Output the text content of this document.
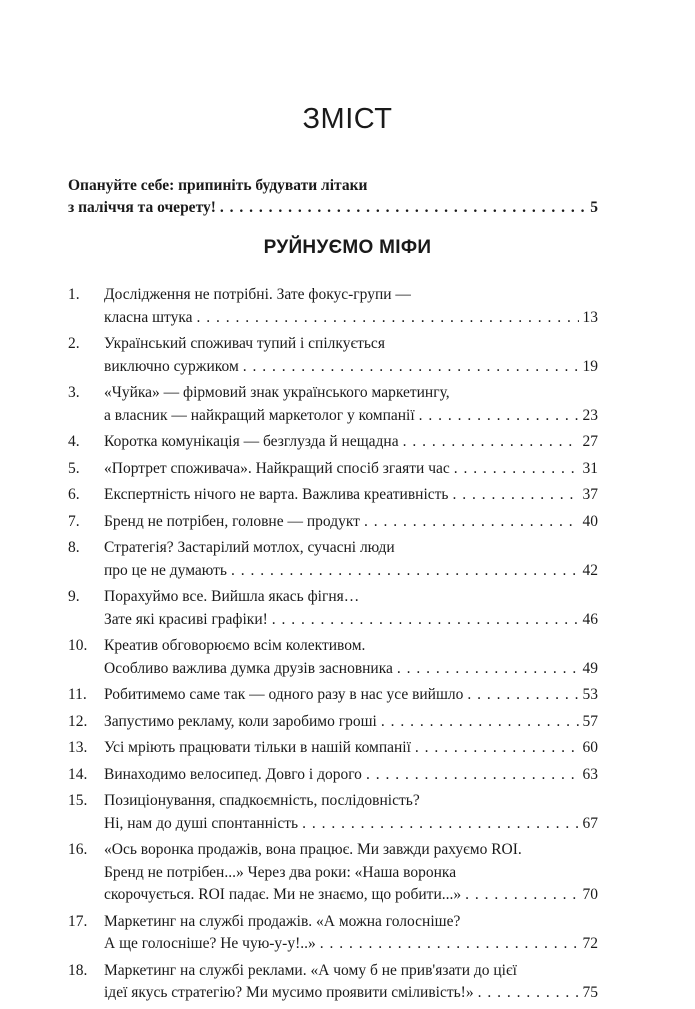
ЗМІСТ
Опануйте себе: припиніть будувати літаки
з паліччя та очерету! . . .	5
РУЙНУЄМО МІФИ
1.	Дослідження не потрібні. Зате фокус-групи —
класна штука . . .	13
2.	Український споживач тупий і спілкується
виключно суржиком . . .	19
3.	«Чуйка» — фірмовий знак українського маркетингу,
а власник — найкращий маркетолог у компанії . . .	23
4.	Коротка комунікація — безглузда й нещадна . . .	27
5.	«Портрет споживача». Найкращий спосіб згаяти час . . .	31
6.	Експертність нічого не варта. Важлива креативність . . .	37
7.	Бренд не потрібен, головне — продукт . . .	40
8.	Стратегія? Застарілий мотлох, сучасні люди
про це не думають . . .	42
9.	Порахуймо все. Вийшла якась фігня…
Зате які красиві графіки! . . .	46
10.	Креатив обговорюємо всім колективом.
Особливо важлива думка друзів засновника . . .	49
11.	Робитимемо саме так — одного разу в нас усе вийшло . . .	53
12.	Запустимо рекламу, коли заробимо гроші . . .	57
13.	Усі мріють працювати тільки в нашій компанії . . .	60
14.	Винаходимо велосипед. Довго і дорого . . .	63
15.	Позиціонування, спадкоємність, послідовність?
Ні, нам до душі спонтанність . . .	67
16.	«Ось воронка продажів, вона працює. Ми завжди рахуємо ROI.
Бренд не потрібен...» Через два роки: «Наша воронка
скорочується. ROI падає. Ми не знаємо, що робити...» . . .	70
17.	Маркетинг на службі продажів. «А можна голосніше?
А ще голосніше? Не чую-у-у!..» . . .	72
18.	Маркетинг на службі реклами. «А чому б не прив'язати до цієї
ідеї якусь стратегію? Ми мусимо проявити сміливість!» . . .	75
